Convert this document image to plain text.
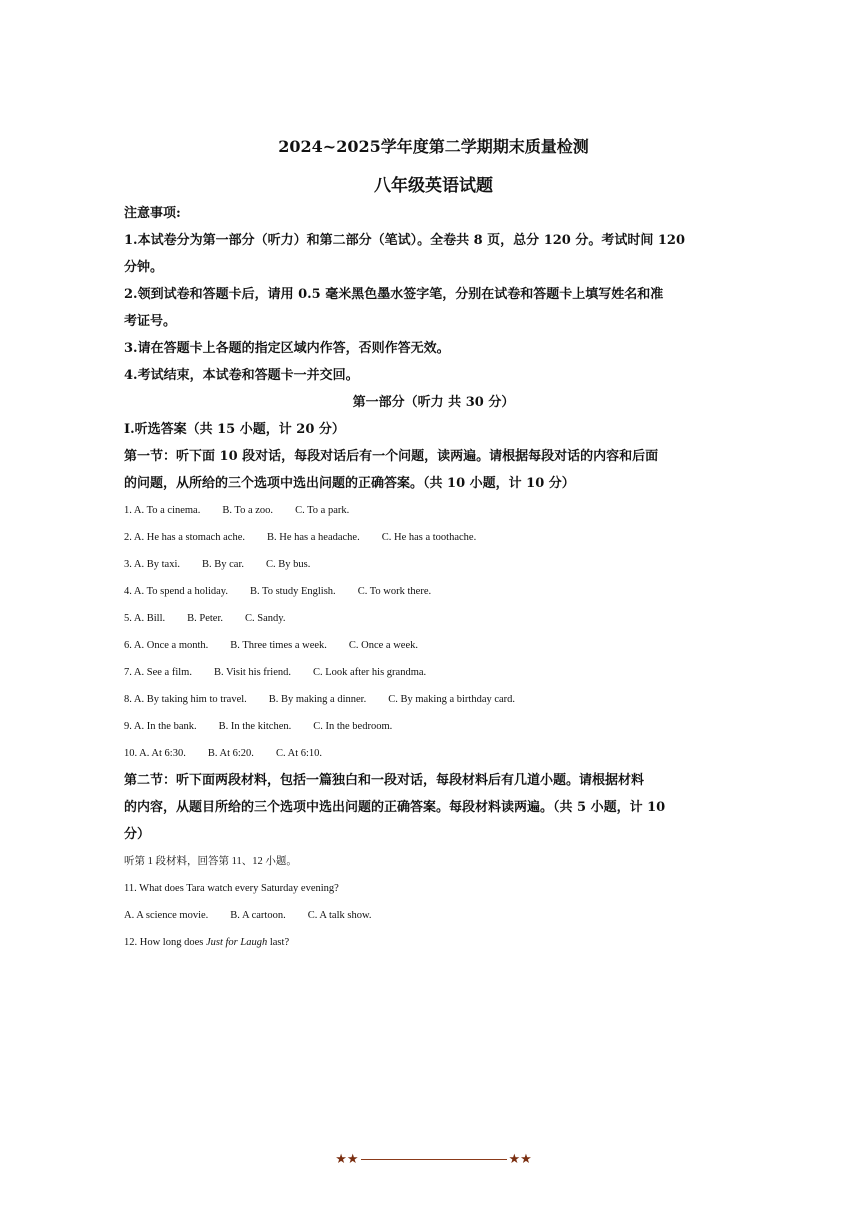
2024~2025学年度第二学期期末质量检测
八年级英语试题
注意事项:
1.本试卷分为第一部分（听力）和第二部分（笔试）。全卷共 8 页，总分 120 分。考试时间 120
分钟。
2.领到试卷和答题卡后，请用 0.5 毫米黑色墨水签字笔，分别在试卷和答题卡上填写姓名和准
考证号。
3.请在答题卡上各题的指定区域内作答，否则作答无效。
4.考试结束，本试卷和答题卡一并交回。
第一部分（听力 共 30 分）
Ⅰ.听选答案（共 15 小题，计 20 分）
第一节：听下面 10 段对话，每段对话后有一个问题，读两遍。请根据每段对话的内容和后面
的问题，从所给的三个选项中选出问题的正确答案。（共 10 小题，计 10 分）
1. A. To a cinema. B. To a zoo. C. To a park.
2. A. He has a stomach ache. B. He has a headache. C. He has a toothache.
3. A. By taxi. B. By car. C. By bus.
4. A. To spend a holiday. B. To study English. C. To work there.
5. A. Bill. B. Peter. C. Sandy.
6. A. Once a month. B. Three times a week. C. Once a week.
7. A. See a film. B. Visit his friend. C. Look after his grandma.
8. A. By taking him to travel. B. By making a dinner. C. By making a birthday card.
9. A. In the bank. B. In the kitchen. C. In the bedroom.
10. A. At 6:30. B. At 6:20. C. At 6:10.
第二节：听下面两段材料，包括一篇独白和一段对话，每段材料后有几道小题。请根据材料
的内容，从题目所给的三个选项中选出问题的正确答案。每段材料读两遍。（共 5 小题，计 10
分）
听第 1 段材料，回答第 11、12 小题。
11. What does Tara watch every Saturday evening?
A. A science movie. B. A cartoon. C. A talk show.
12. How long does Just for Laugh last?
★★	★★
